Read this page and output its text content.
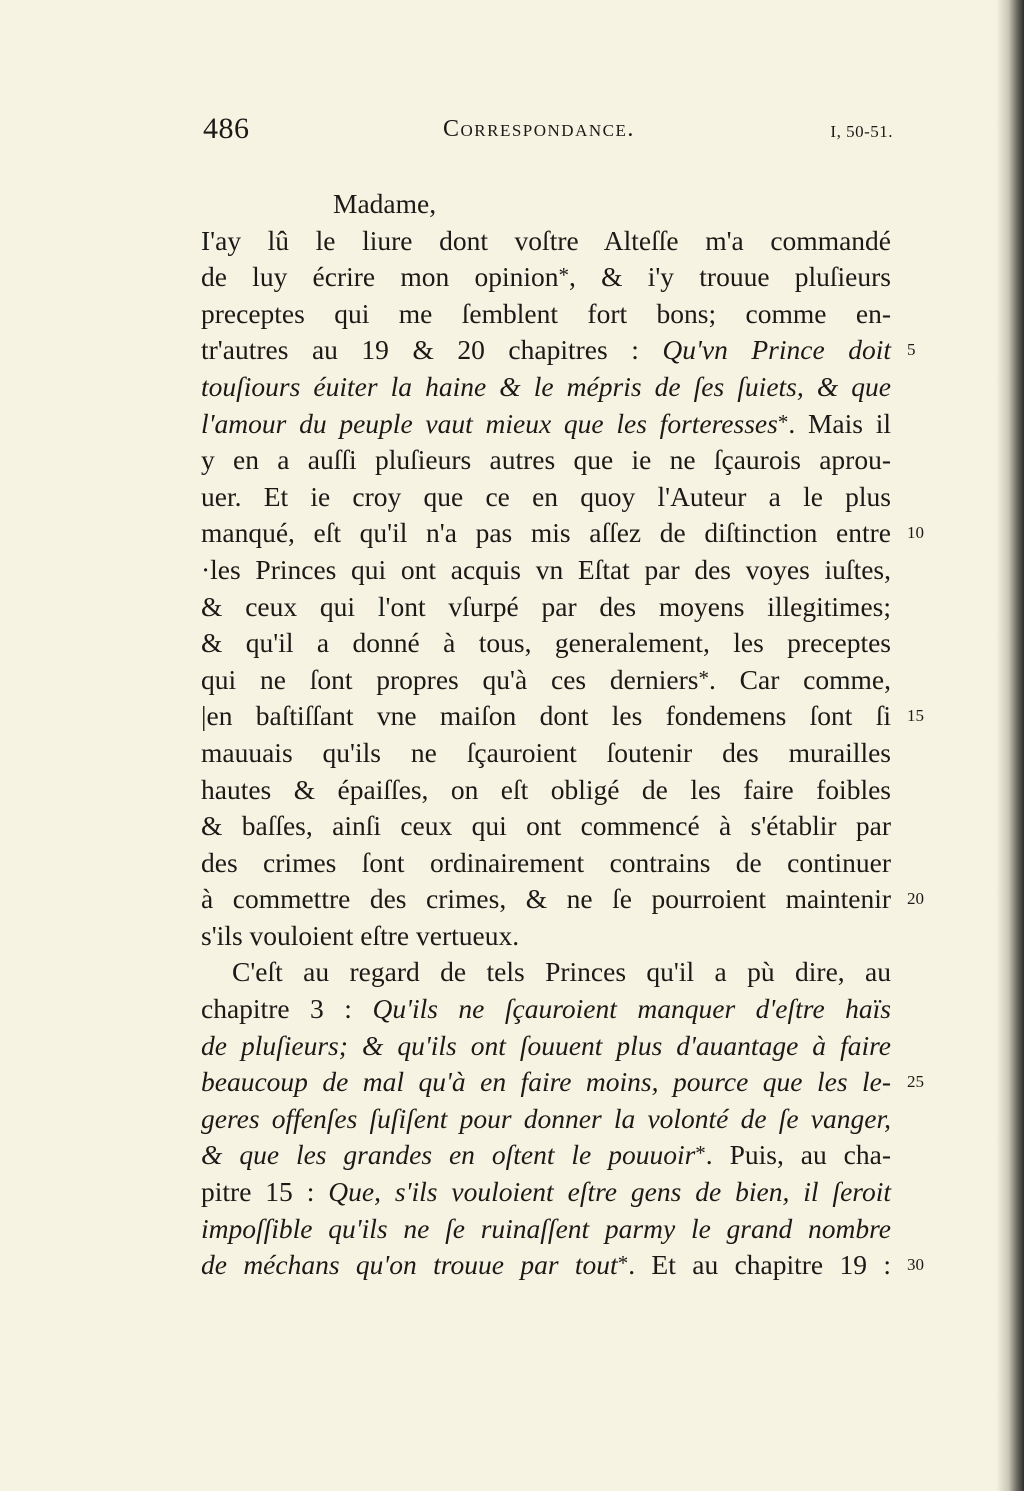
486	Correspondance.	I, 50-51.
Madame,
I'ay lû le liure dont voſtre Alteſſe m'a commandé
de luy écrire mon opinion*, & i'y trouue pluſieurs
preceptes qui me ſemblent fort bons; comme en-
tr'autres au 19 & 20 chapitres : Qu'vn Prince doit 5
touſiours éuiter la haine & le mépris de ſes ſuiets, & que
l'amour du peuple vaut mieux que les forteresses*. Mais il
y en a auſſi pluſieurs autres que ie ne ſçaurois aprou-
uer. Et ie croy que ce en quoy l'Auteur a le plus
manqué, eſt qu'il n'a pas mis aſſez de diſtinction entre 10
·les Princes qui ont acquis vn Eſtat par des voyes iuſtes,
& ceux qui l'ont vſurpé par des moyens illegitimes;
& qu'il a donné à tous, generalement, les preceptes
qui ne ſont propres qu'à ces derniers*. Car comme,
|en baſtiſſant vne maiſon dont les fondemens ſont ſi 15
mauuais qu'ils ne ſçauroient ſoutenir des murailles
hautes & épaiſſes, on eſt obligé de les faire foibles
& baſſes, ainſi ceux qui ont commencé à s'établir par
des crimes ſont ordinairement contrains de continuer
à commettre des crimes, & ne ſe pourroient maintenir 20
s'ils vouloient eſtre vertueux.
C'eſt au regard de tels Princes qu'il a pù dire, au
chapitre 3 : Qu'ils ne ſçauroient manquer d'eſtre haïs
de pluſieurs; & qu'ils ont ſouuent plus d'auantage à faire
beaucoup de mal qu'à en faire moins, pource que les le- 25
geres offenſes ſuſiſent pour donner la volonté de ſe vanger,
& que les grandes en oſtent le pouuoir*. Puis, au cha-
pitre 15 : Que, s'ils vouloient eſtre gens de bien, il ſeroit
impoſſible qu'ils ne ſe ruinaſſent parmy le grand nombre
de méchans qu'on trouue par tout*. Et au chapitre 19 : 30
